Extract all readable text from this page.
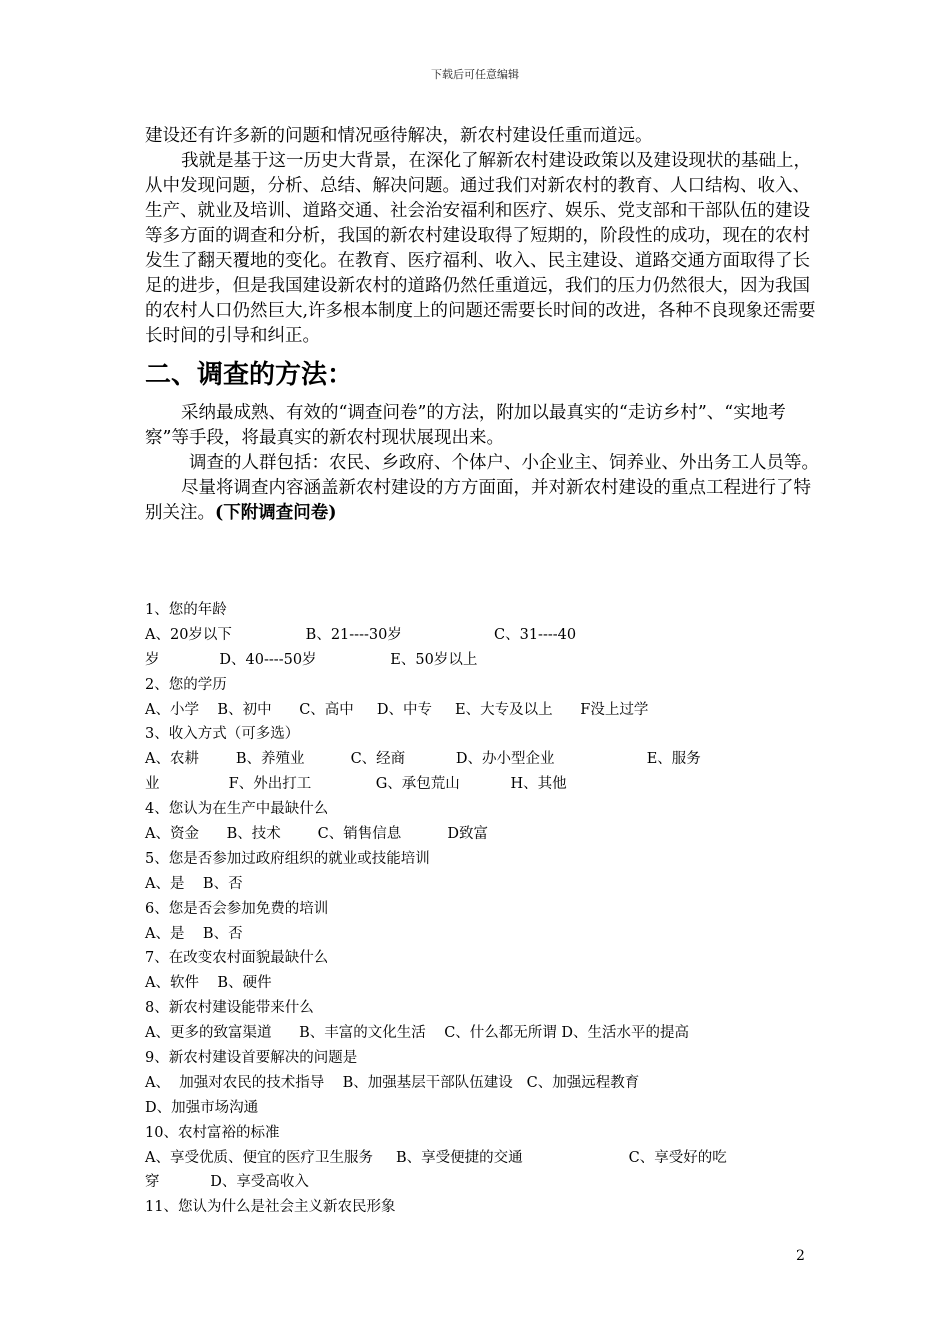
下载后可任意编辑

建设还有许多新的问题和情况亟待解决，新农村建设任重而道远。

我就是基于这一历史大背景，在深化了解新农村建设政策以及建设现状的基础上，从中发现问题，分析、总结、解决问题。通过我们对新农村的教育、人口结构、收入、生产、就业及培训、道路交通、社会治安福利和医疗、娱乐、党支部和干部队伍的建设等多方面的调查和分析，我国的新农村建设取得了短期的，阶段性的成功，现在的农村发生了翻天覆地的变化。在教育、医疗福利、收入、民主建设、道路交通方面取得了长足的进步，但是我国建设新农村的道路仍然任重道远，我们的压力仍然很大，因为我国的农村人口仍然巨大,许多根本制度上的问题还需要长时间的改进，各种不良现象还需要长时间的引导和纠正。

二、调查的方法：

采纳最成熟、有效的“调查问卷”的方法，附加以最真实的“走访乡村”、“实地考察”等手段，将最真实的新农村现状展现出来。

调查的人群包括：农民、乡政府、个体户、小企业主、饲养业、外出务工人员等。

尽量将调查内容涵盖新农村建设的方方面面，并对新农村建设的重点工程进行了特别关注。(下附调查问卷)

1、您的年龄
A、20岁以下                B、21----30岁                    C、31----40
岁             D、40----50岁                E、50岁以上
2、您的学历
A、小学    B、初中      C、高中     D、中专     E、大专及以上      F没上过学
3、收入方式（可多选）
A、农耕        B、养殖业          C、经商           D、办小型企业                    E、服务
业               F、外出打工              G、承包荒山           H、其他
4、您认为在生产中最缺什么
A、资金      B、技术        C、销售信息          D致富
5、您是否参加过政府组织的就业或技能培训
A、是    B、否
6、您是否会参加免费的培训
A、是    B、否
7、在改变农村面貌最缺什么
A、软件    B、硬件
8、新农村建设能带来什么
A、更多的致富渠道      B、丰富的文化生活    C、什么都无所谓 D、生活水平的提高
9、新农村建设首要解决的问题是
A、  加强对农民的技术指导    B、加强基层干部队伍建设   C、加强远程教育
D、加强市场沟通
10、农村富裕的标准
A、享受优质、便宜的医疗卫生服务     B、享受便捷的交通                       C、享受好的吃
穿           D、享受高收入
11、您认为什么是社会主义新农民形象
2
